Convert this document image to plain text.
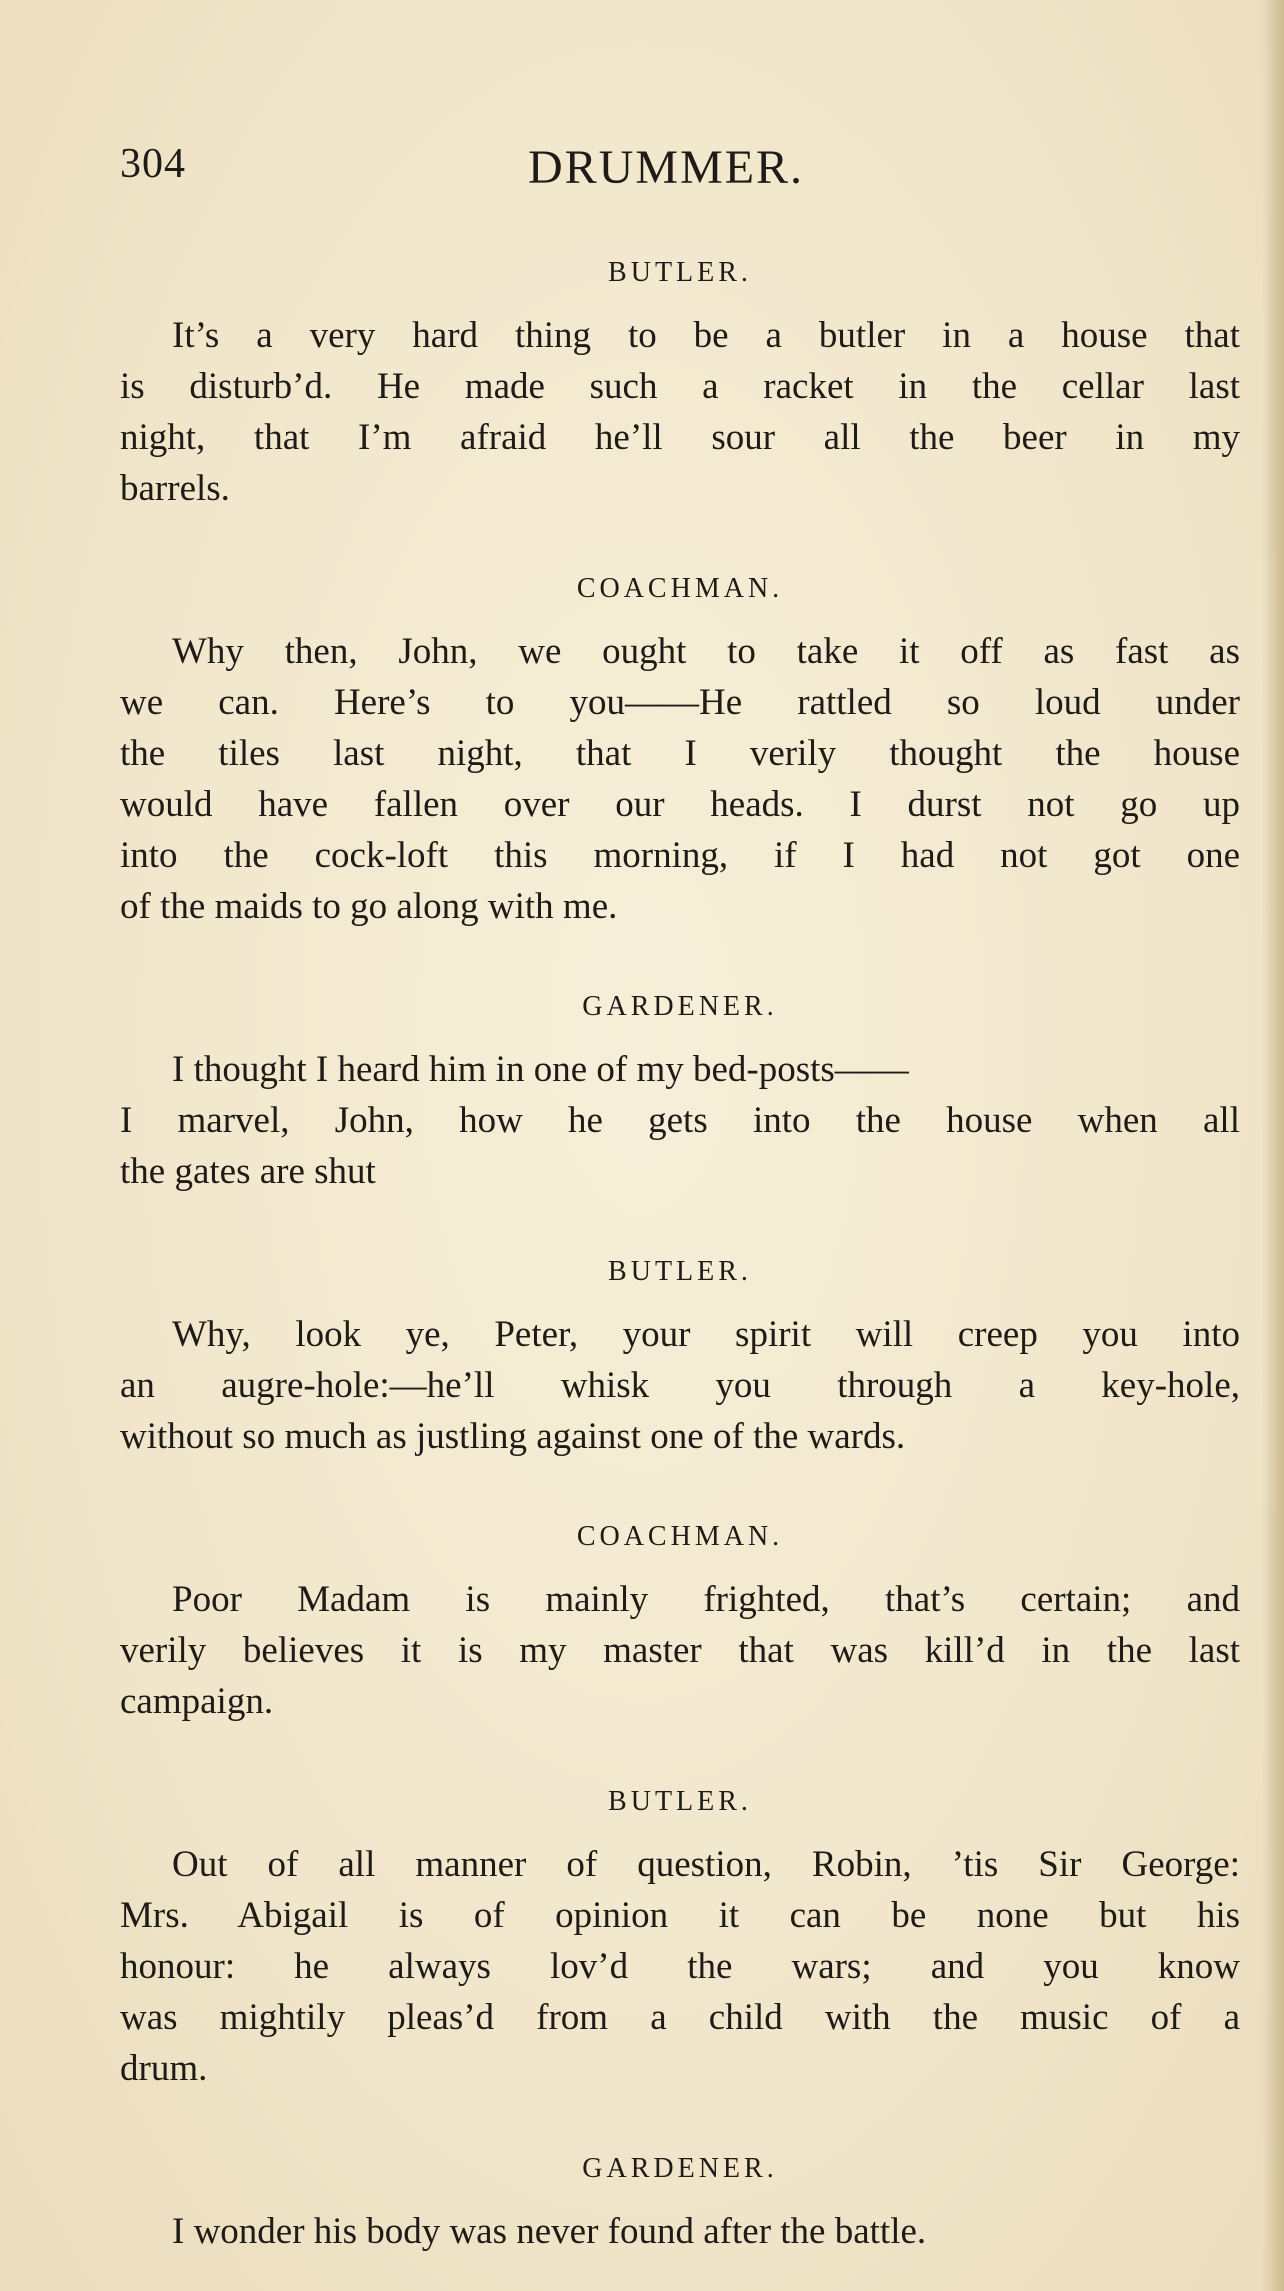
304	DRUMMER.
BUTLER.
It’s a very hard thing to be a butler in a house that
is disturb’d. He made such a racket in the cellar last
night, that I’m afraid he’ll sour all the beer in my
barrels.
COACHMAN.
Why then, John, we ought to take it off as fast as
we can. Here’s to you——He rattled so loud under
the tiles last night, that I verily thought the house
would have fallen over our heads. I durst not go up
into the cock-loft this morning, if I had not got one
of the maids to go along with me.
GARDENER.
I thought I heard him in one of my bed-posts——
I marvel, John, how he gets into the house when all
the gates are shut
BUTLER.
Why, look ye, Peter, your spirit will creep you into
an augre-hole:—he’ll whisk you through a key-hole,
without so much as justling against one of the wards.
COACHMAN.
Poor Madam is mainly frighted, that’s certain; and
verily believes it is my master that was kill’d in the last
campaign.
BUTLER.
Out of all manner of question, Robin, ’tis Sir George:
Mrs. Abigail is of opinion it can be none but his
honour: he always lov’d the wars; and you know
was mightily pleas’d from a child with the music of a
drum.
GARDENER.
I wonder his body was never found after the battle.
